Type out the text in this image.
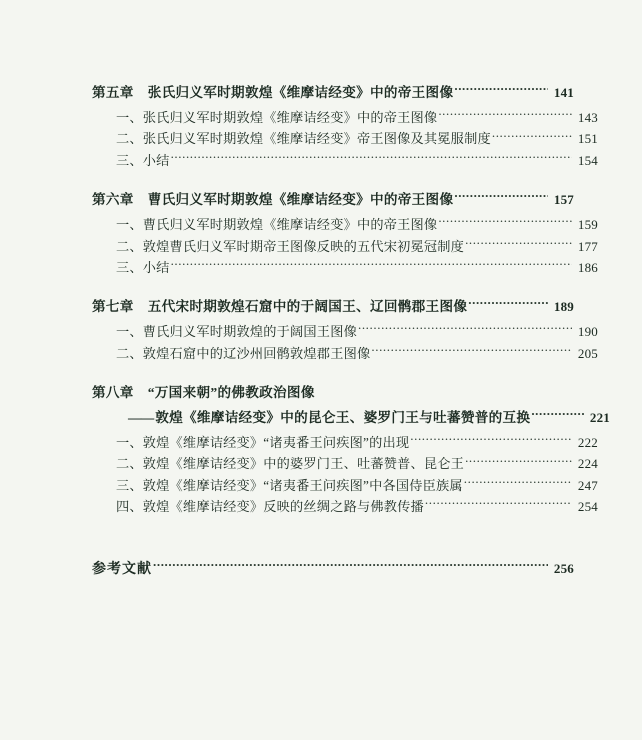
第五章 张氏归义军时期敦煌《维摩诘经变》中的帝王图像 .....	141
一、张氏归义军时期敦煌《维摩诘经变》中的帝王图像 .....	143
二、张氏归义军时期敦煌《维摩诘经变》帝王图像及其冕服制度 .....	151
三、小结 .....	154
第六章 曹氏归义军时期敦煌《维摩诘经变》中的帝王图像 .....	157
一、曹氏归义军时期敦煌《维摩诘经变》中的帝王图像 .....	159
二、敦煌曹氏归义军时期帝王图像反映的五代宋初冕冠制度 .....	177
三、小结 .....	186
第七章 五代宋时期敦煌石窟中的于阔国王、辽回鹘郡王图像 .....	189
一、曹氏归义军时期敦煌的于阔国王图像 .....	190
二、敦煌石窟中的辽沙州回鹘敦煌郡王图像 .....	205
第八章 “万国来朝”的佛教政治图像
—— 敦煌《维摩诘经变》中的昆仑王、婆罗门王与吐蕃赞普的互换 .....	221
一、敦煌《维摩诘经变》“诸夷番王问疾图”的出现 .....	222
二、敦煌《维摩诘经变》中的婆罗门王、吐蕃赞普、昆仑王 .....	224
三、敦煌《维摩诘经变》“诸夷番王问疾图”中各国侍臣族属 .....	247
四、敦煌《维摩诘经变》反映的丝绸之路与佛教传播 .....	254
参考文献 .....	256
